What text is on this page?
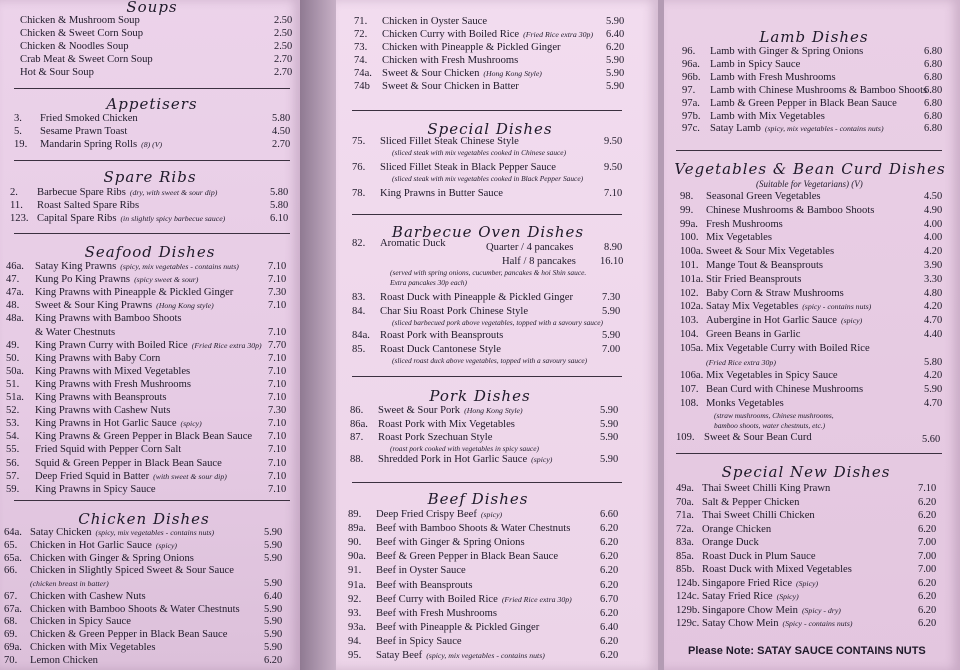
Soups
Chicken & Mushroom Soup	2.50
Chicken & Sweet Corn Soup	2.50
Chicken & Noodles Soup	2.50
Crab Meat & Sweet Corn Soup	2.70
Hot & Sour Soup	2.70
Appetisers
3. Fried Smoked Chicken	5.80
5. Sesame Prawn Toast	4.50
19. Mandarin Spring Rolls (8) (V)	2.70
Spare Ribs
2. Barbecue Spare Ribs (dry, with sweet & sour dip)	5.80
11. Roast Salted Spare Ribs	5.80
123. Capital Spare Ribs (in slightly spicy barbecue sauce)	6.10
Seafood Dishes
46a. Satay King Prawns (spicy, mix vegetables - contains nuts)	7.10
47. Kung Po King Prawns (spicy sweet & sour)	7.10
47a. King Prawns with Pineapple & Pickled Ginger	7.30
48. Sweet & Sour King Prawns (Hong Kong style)	7.10
48a. King Prawns with Bamboo Shoots
& Water Chestnuts	7.10
49. King Prawn Curry with Boiled Rice (Fried Rice extra 30p) 7.70
50. King Prawns with Baby Corn	7.10
50a. King Prawns with Mixed Vegetables	7.10
51. King Prawns with Fresh Mushrooms	7.10
51a. King Prawns with Beansprouts	7.10
52. King Prawns with Cashew Nuts	7.30
53. King Prawns in Hot Garlic Sauce (spicy)	7.10
54. King Prawns & Green Pepper in Black Bean Sauce 7.10
55. Fried Squid with Pepper Corn Salt	7.10
56. Squid & Green Pepper in Black Bean Sauce	7.10
57. Deep Fried Squid in Batter (with sweet & sour dip)	7.10
59. King Prawns in Spicy Sauce	7.10
Chicken Dishes
64a. Satay Chicken (spicy, mix vegetables - contains nuts)	5.90
65. Chicken in Hot Garlic Sauce (spicy)	5.90
65a. Chicken with Ginger & Spring Onions	5.90
66. Chicken in Slightly Spiced Sweet & Sour Sauce
(chicken breast in batter)	5.90
67. Chicken with Cashew Nuts	6.40
67a. Chicken with Bamboo Shoots & Water Chestnuts 5.90
68. Chicken in Spicy Sauce	5.90
69. Chicken & Green Pepper in Black Bean Sauce	5.90
69a. Chicken with Mix Vegetables	5.90
70. Lemon Chicken	6.20
71. Chicken in Oyster Sauce	5.90
72. Chicken Curry with Boiled Rice (Fried Rice extra 30p) 6.40
73. Chicken with Pineapple & Pickled Ginger	6.20
74. Chicken with Fresh Mushrooms	5.90
74a. Sweet & Sour Chicken (Hong Kong Style)	5.90
74b Sweet & Sour Chicken in Batter	5.90
Special Dishes
75. Sliced Fillet Steak Chinese Style	9.50
(sliced steak with mix vegetables cooked in Chinese sauce)
76. Sliced Fillet Steak in Black Pepper Sauce	9.50
(sliced steak with mix vegetables cooked in Black Pepper Sauce)
78. King Prawns in Butter Sauce	7.10
Barbecue Oven Dishes
82. Aromatic Duck	Quarter / 4 pancakes	8.90
Half / 8 pancakes 16.10
(served with spring onions, cucumber, pancakes & hoi Shin sauce.
Extra pancakes 30p each)
83. Roast Duck with Pineapple & Pickled Ginger	7.30
84. Char Siu Roast Pork Chinese Style	5.90
(sliced barbecued pork above vegetables, topped with a savoury sauce)
84a. Roast Pork with Beansprouts	5.90
85. Roast Duck Cantonese Style	7.00
(sliced roast duck above vegetables, topped with a savoury sauce)
Pork Dishes
86. Sweet & Sour Pork (Hong Kong Style)	5.90
86a. Roast Pork with Mix Vegetables	5.90
87. Roast Pork Szechuan Style	5.90
(roast pork cooked with vegetables in spicy sauce)
88. Shredded Pork in Hot Garlic Sauce (spicy)	5.90
Beef Dishes
89. Deep Fried Crispy Beef (spicy)	6.60
89a. Beef with Bamboo Shoots & Water Chestnuts	6.20
90. Beef with Ginger & Spring Onions	6.20
90a. Beef & Green Pepper in Black Bean Sauce	6.20
91. Beef in Oyster Sauce	6.20
91a. Beef with Beansprouts	6.20
92. Beef Curry with Boiled Rice (Fried Rice extra 30p)	6.70
93. Beef with Fresh Mushrooms	6.20
93a. Beef with Pineapple & Pickled Ginger	6.40
94. Beef in Spicy Sauce	6.20
95. Satay Beef (spicy, mix vegetables - contains nuts)	6.20
Lamb Dishes
96. Lamb with Ginger & Spring Onions	6.80
96a. Lamb in Spicy Sauce	6.80
96b. Lamb with Fresh Mushrooms	6.80
97. Lamb with Chinese Mushrooms & Bamboo Shoots
6.80
97a. Lamb & Green Pepper in Black Bean Sauce	6.80
97b. Lamb with Mix Vegetables	6.80
97c. Satay Lamb (spicy, mix vegetables - contains nuts)	6.80
Vegetables & Bean Curd Dishes
(Suitable for Vegetarians) (V)
98. Seasonal Green Vegetables	4.50
99. Chinese Mushrooms & Bamboo Shoots	4.90
99a. Fresh Mushrooms	4.00
100. Mix Vegetables	4.00
100a. Sweet & Sour Mix Vegetables	4.20
101. Mange Tout & Beansprouts	3.90
101a. Stir Fried Beansprouts	3.30
102. Baby Corn & Straw Mushrooms	4.80
102a. Satay Mix Vegetables (spicy - contains nuts)	4.20
103. Aubergine in Hot Garlic Sauce (spicy)	4.70
104. Green Beans in Garlic	4.40
105a. Mix Vegetable Curry with Boiled Rice
(Fried Rice extra 30p)	5.80
106a. Mix Vegetables in Spicy Sauce	4.20
107. Bean Curd with Chinese Mushrooms	5.90
108. Monks Vegetables	4.70
(straw mushrooms, Chinese mushrooms,
bamboo shoots, water chestnuts, etc.)
109. Sweet & Sour Bean Curd	5.60
Special New Dishes
49a. Thai Sweet Chilli King Prawn	7.10
70a. Salt & Pepper Chicken	6.20
71a. Thai Sweet Chilli Chicken	6.20
72a. Orange Chicken	6.20
83a. Orange Duck	7.00
85a. Roast Duck in Plum Sauce	7.00
85b. Roast Duck with Mixed Vegetables	7.00
124b. Singapore Fried Rice (Spicy)	6.20
124c. Satay Fried Rice (Spicy)	6.20
129b. Singapore Chow Mein (Spicy - dry)	6.20
129c. Satay Chow Mein (Spicy - contains nuts)	6.20
Please Note: SATAY SAUCE CONTAINS NUTS
